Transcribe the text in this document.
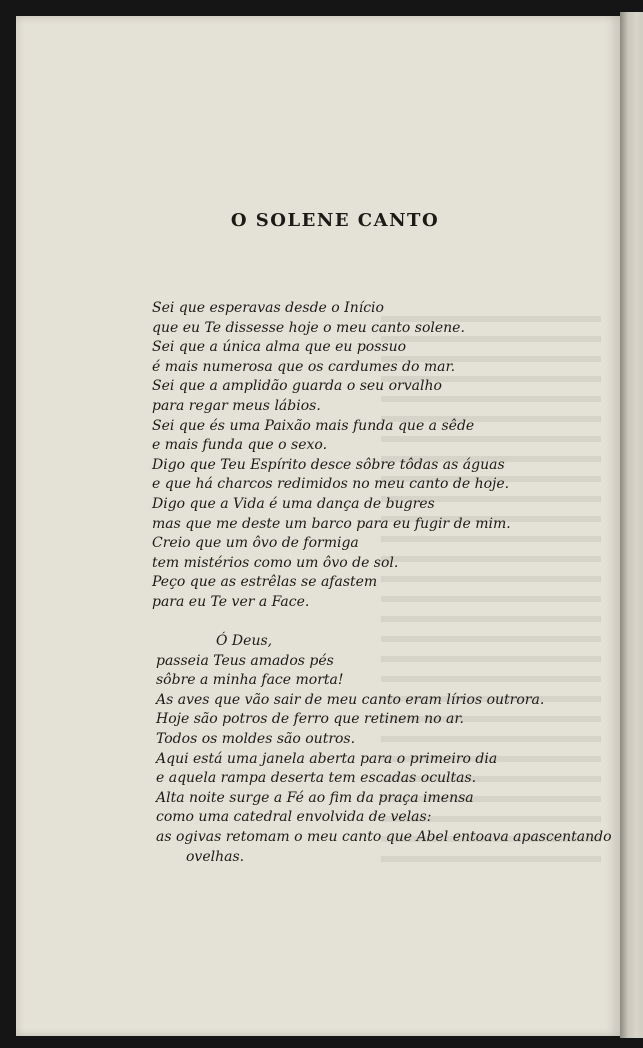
O SOLENE CANTO
Sei que esperavas desde o Início
que eu Te dissesse hoje o meu canto solene.
Sei que a única alma que eu possuo
é mais numerosa que os cardumes do mar.
Sei que a amplidão guarda o seu orvalho
para regar meus lábios.
Sei que és uma Paixão mais funda que a sêde
e mais funda que o sexo.
Digo que Teu Espírito desce sôbre tôdas as águas
e que há charcos redimidos no meu canto de hoje.
Digo que a Vida é uma dança de bugres
mas que me deste um barco para eu fugir de mim.
Creio que um ôvo de formiga
tem mistérios como um ôvo de sol.
Peço que as estrêlas se afastem
para eu Te ver a Face.
Ó Deus,
passeia Teus amados pés
sôbre a minha face morta!
As aves que vão sair de meu canto eram lírios outrora.
Hoje são potros de ferro que retinem no ar.
Todos os moldes são outros.
Aqui está uma janela aberta para o primeiro dia
e aquela rampa deserta tem escadas ocultas.
Alta noite surge a Fé ao fim da praça imensa
como uma catedral envolvida de velas:
as ogivas retomam o meu canto que Abel entoava apascentando
ovelhas.
